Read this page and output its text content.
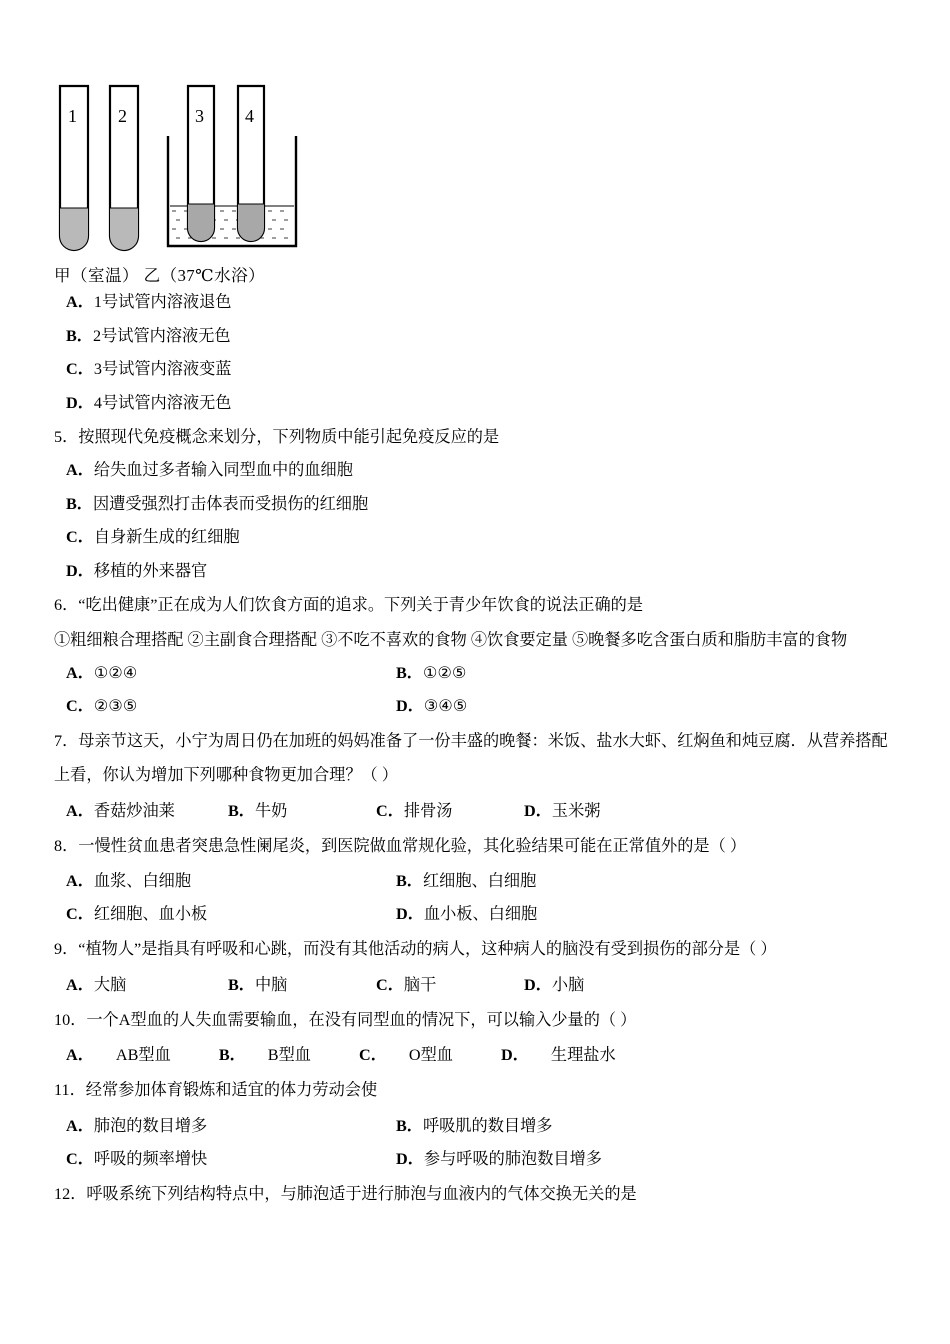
1 2	3 4
甲（室温） 乙（37℃水浴）
A．1号试管内溶液退色
B．2号试管内溶液无色
C．3号试管内溶液变蓝
D．4号试管内溶液无色
5．按照现代免疫概念来划分，下列物质中能引起免疫反应的是
A．给失血过多者输入同型血中的血细胞
B．因遭受强烈打击体表而受损伤的红细胞
C．自身新生成的红细胞
D．移植的外来器官
6．“吃出健康”正在成为人们饮食方面的追求。下列关于青少年饮食的说法正确的是
①粗细粮合理搭配 ②主副食合理搭配 ③不吃不喜欢的食物 ④饮食要定量 ⑤晚餐多吃含蛋白质和脂肪丰富的食物
A．①②④	B．①②⑤
C．②③⑤	D．③④⑤
7．母亲节这天，小宁为周日仍在加班的妈妈准备了一份丰盛的晚餐：米饭、盐水大虾、红焖鱼和炖豆腐．从营养搭配
上看，你认为增加下列哪种食物更加合理？（ ）
A．香菇炒油莱	B．牛奶	C．排骨汤	D．玉米粥
8．一慢性贫血患者突患急性阑尾炎，到医院做血常规化验，其化验结果可能在正常值外的是（ ）
A．血浆、白细胞	B．红细胞、白细胞
C．红细胞、血小板	D．血小板、白细胞
9．“植物人”是指具有呼吸和心跳，而没有其他活动的病人，这种病人的脑没有受到损伤的部分是（ ）
A．大脑	B．中脑	C．脑干	D．小脑
10．一个A型血的人失血需要输血，在没有同型血的情况下，可以输入少量的（ ）
A． AB型血	B． B型血	C． O型血	D． 生理盐水
11．经常参加体育锻炼和适宜的体力劳动会使
A．肺泡的数目增多	B．呼吸肌的数目增多
C．呼吸的频率增快	D．参与呼吸的肺泡数目增多
12．呼吸系统下列结构特点中，与肺泡适于进行肺泡与血液内的气体交换无关的是
